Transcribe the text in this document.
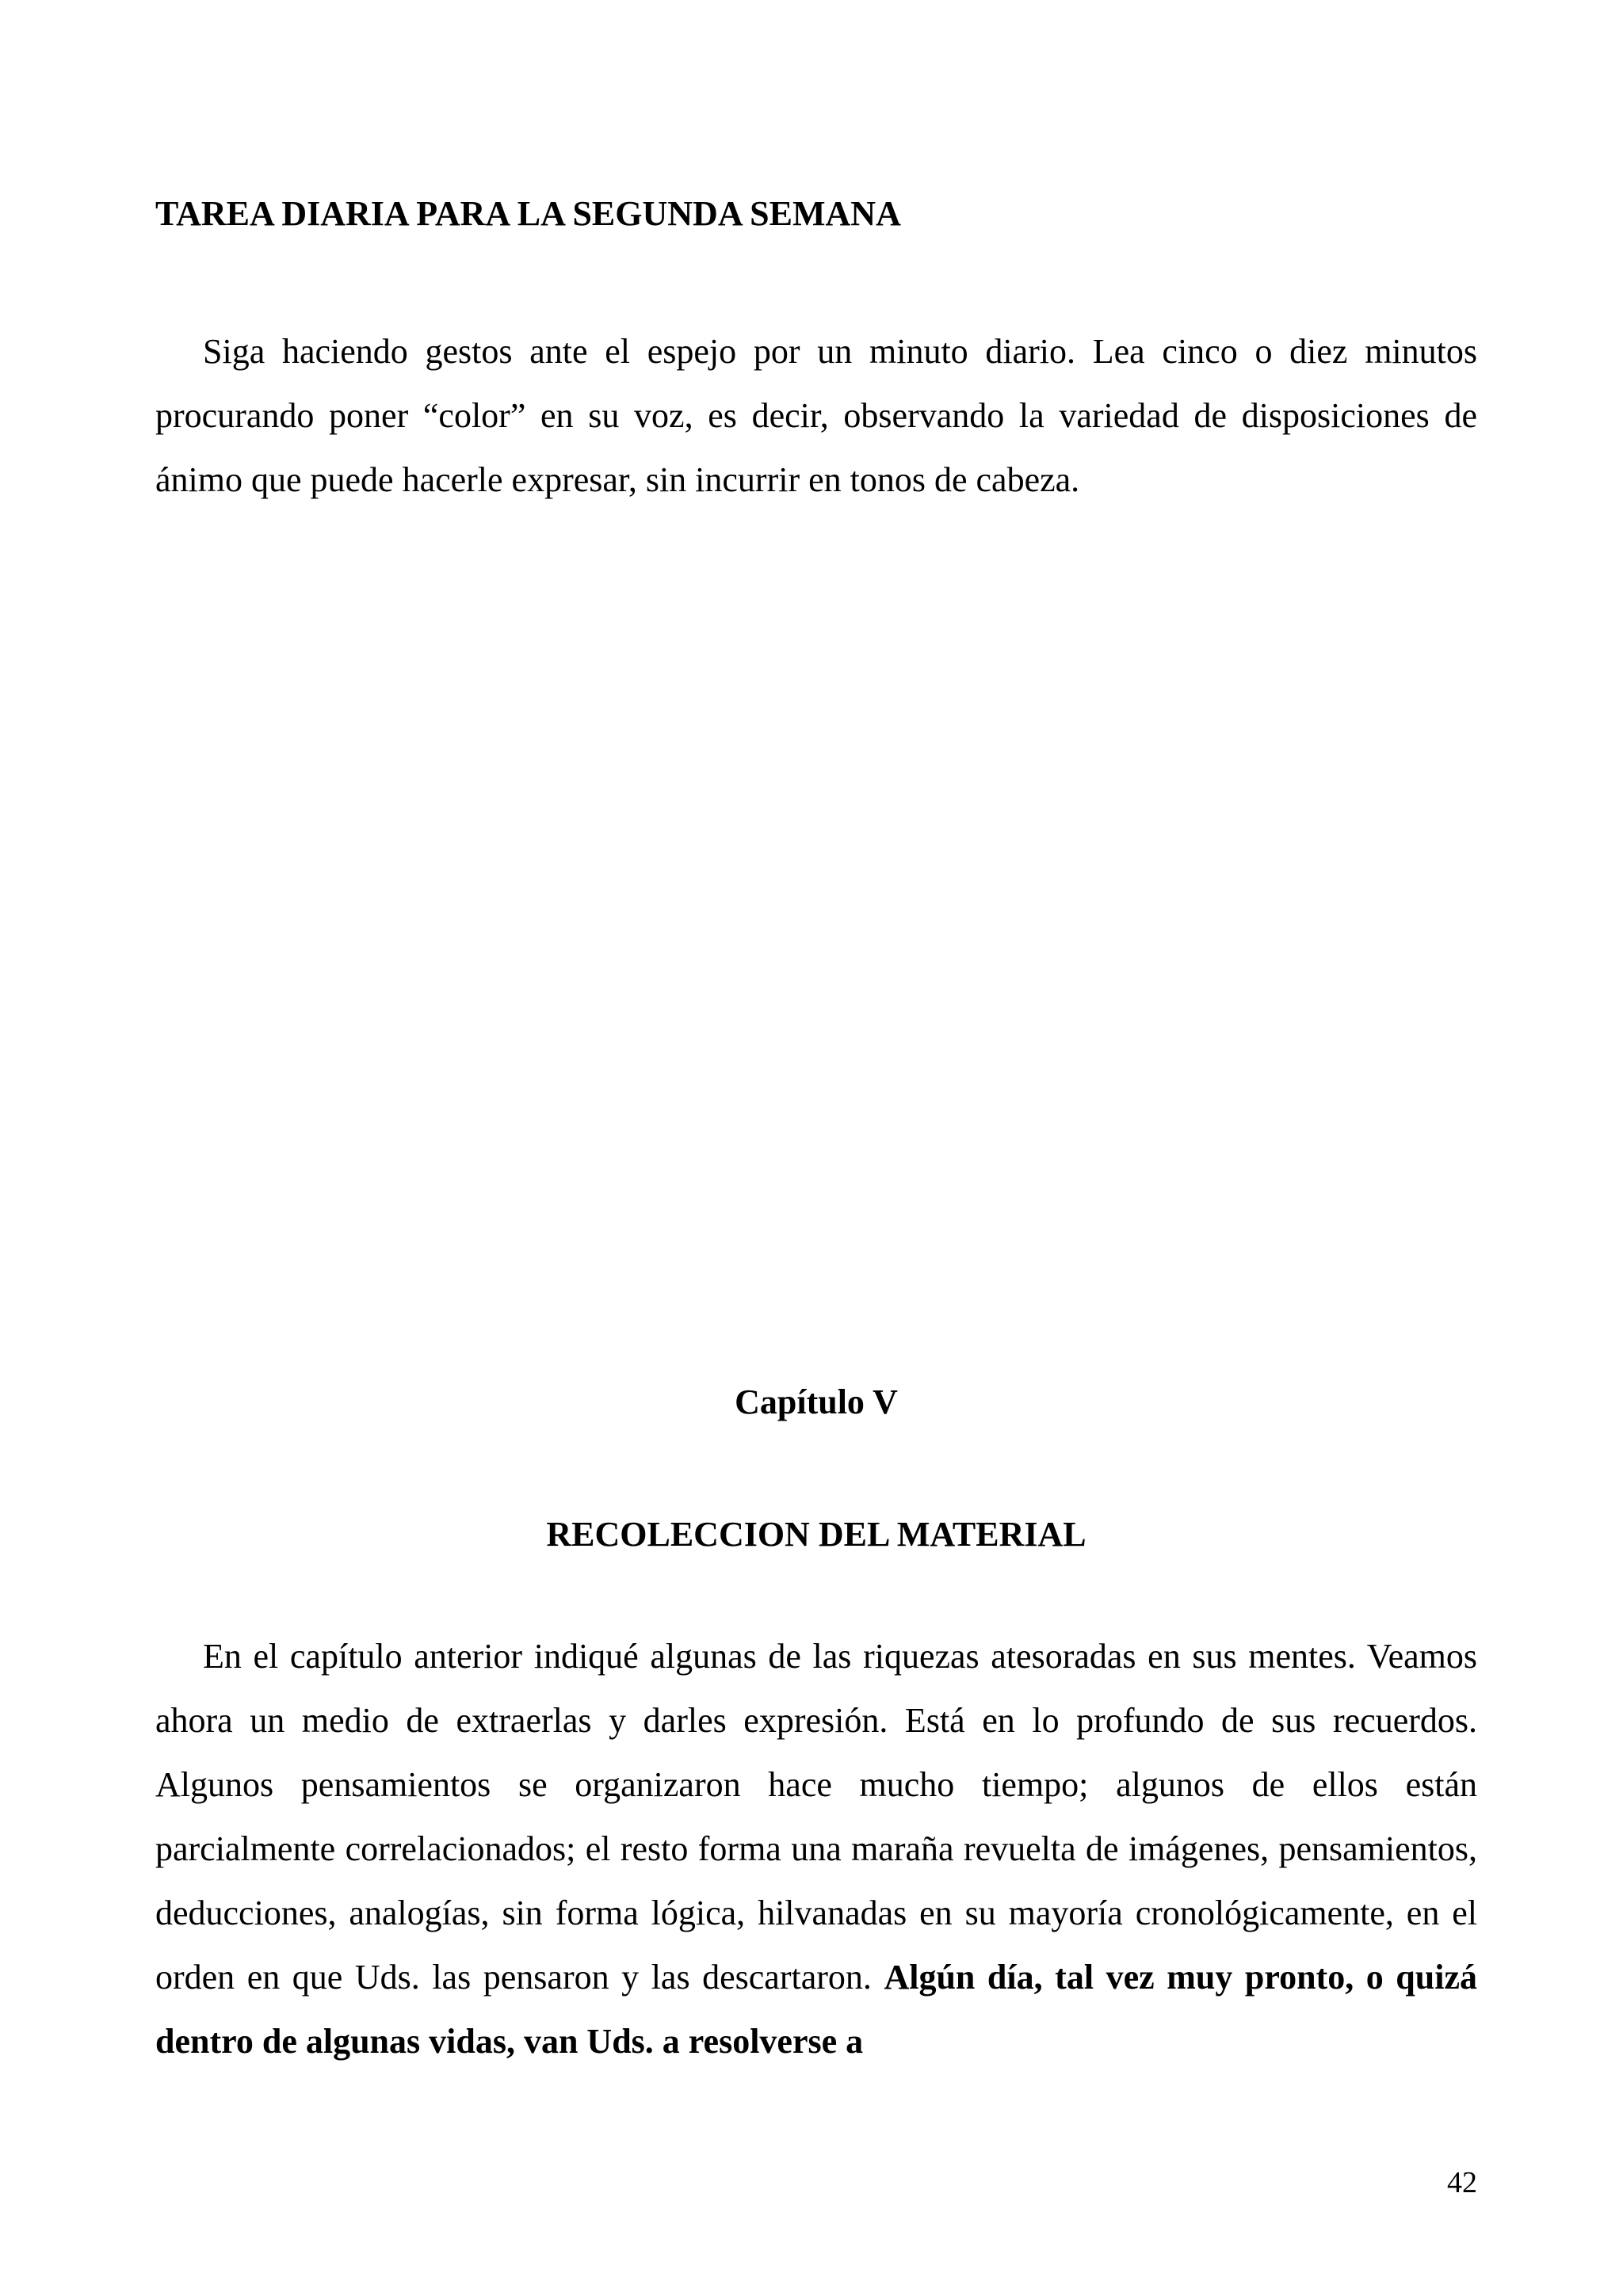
TAREA DIARIA PARA LA SEGUNDA SEMANA

Siga haciendo gestos ante el espejo por un minuto diario. Lea cinco o diez minutos procurando poner “color” en su voz, es decir, observando la variedad de disposiciones de ánimo que puede hacerle expresar, sin incurrir en tonos de cabeza.

Capítulo V
RECOLECCION DEL MATERIAL

En el capítulo anterior indiqué algunas de las riquezas atesoradas en sus mentes. Veamos ahora un medio de extraerlas y darles expresión. Está en lo profundo de sus recuerdos. Algunos pensamientos se organizaron hace mucho tiempo; algunos de ellos están parcialmente correlacionados; el resto forma una maraña revuelta de imágenes, pensamientos, deducciones, analogías, sin forma lógica, hilvanadas en su mayoría cronológicamente, en el orden en que Uds. las pensaron y las descartaron. Algún día, tal vez muy pronto, o quizá dentro de algunas vidas, van Uds. a resolverse a

42
